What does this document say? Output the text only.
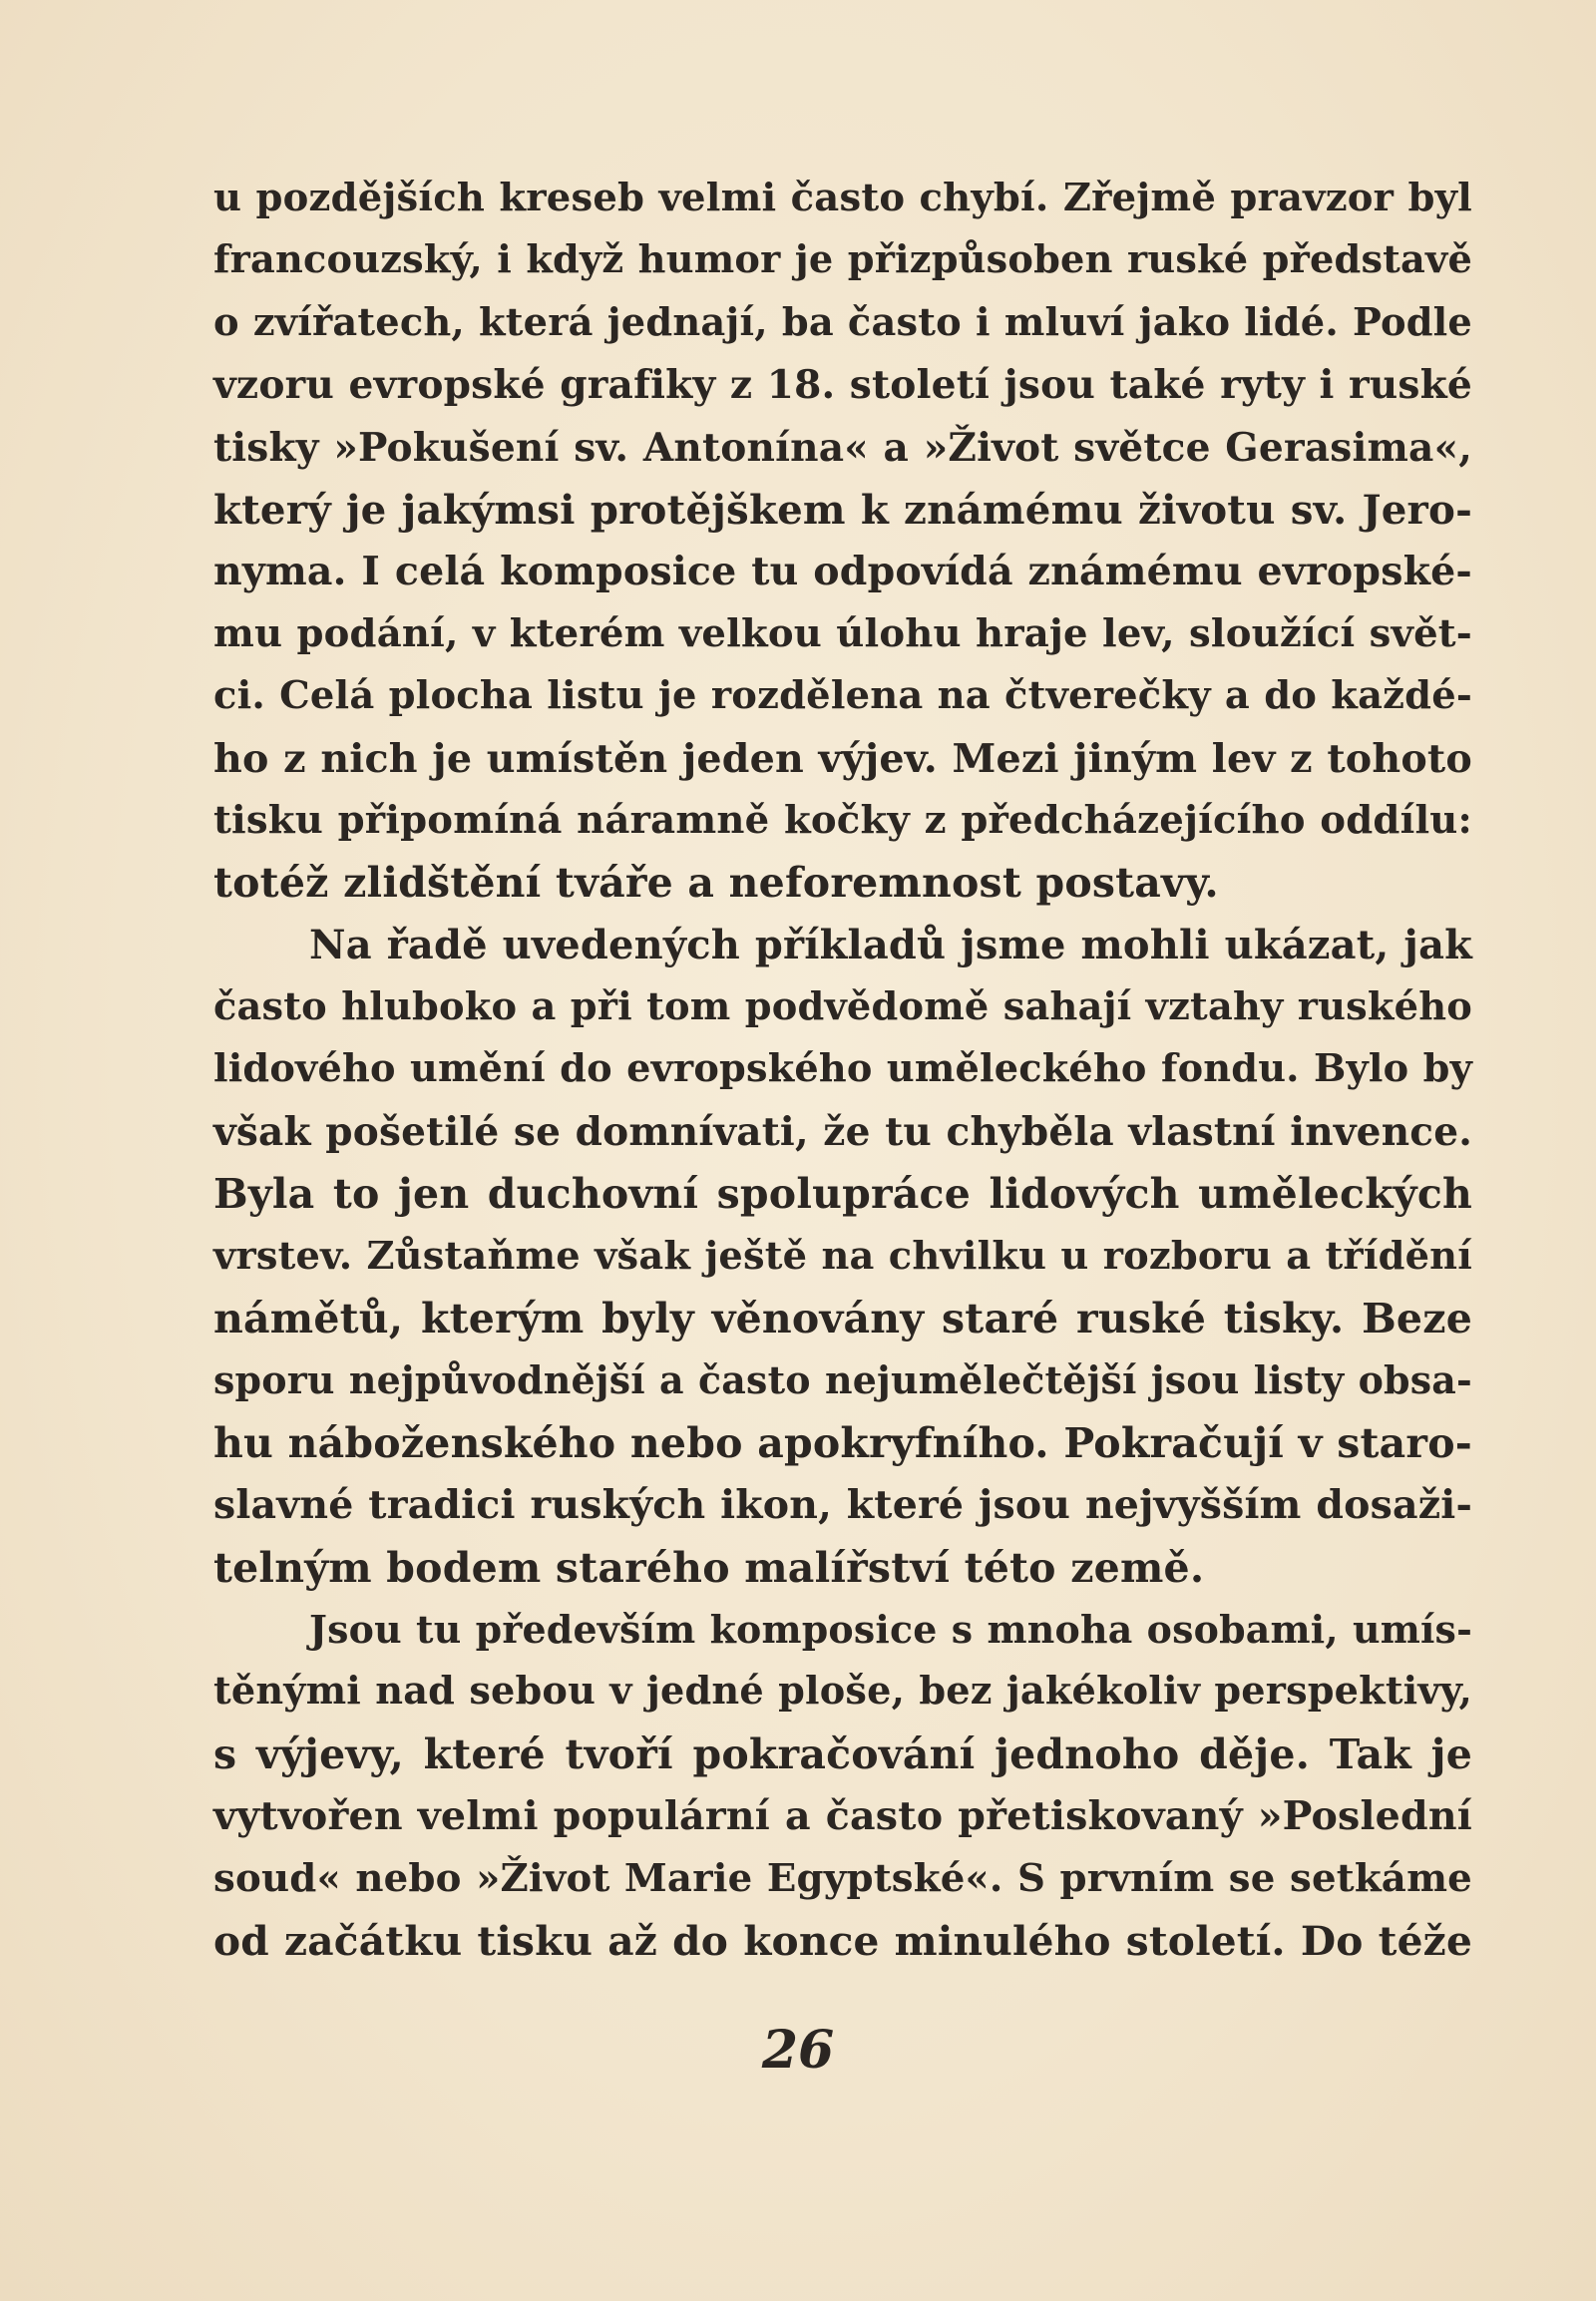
u pozdějších kreseb velmi často chybí. Zřejmě pravzor byl
francouzský, i když humor je přizpůsoben ruské představě
o zvířatech, která jednají, ba často i mluví jako lidé. Podle
vzoru evropské grafiky z 18. století jsou také ryty i ruské
tisky »Pokušení sv. Antonína« a »Život světce Gerasima«,
který je jakýmsi protějškem k známému životu sv. Jero-
nyma. I celá komposice tu odpovídá známému evropské-
mu podání, v kterém velkou úlohu hraje lev, sloužící svět-
ci. Celá plocha listu je rozdělena na čtverečky a do každé-
ho z nich je umístěn jeden výjev. Mezi jiným lev z tohoto
tisku připomíná náramně kočky z předcházejícího oddílu:
totéž zlidštění tváře a neforemnost postavy.
Na řadě uvedených příkladů jsme mohli ukázat, jak
často hluboko a při tom podvědomě sahají vztahy ruského
lidového umění do evropského uměleckého fondu. Bylo by
však pošetilé se domnívati, že tu chyběla vlastní invence.
Byla to jen duchovní spolupráce lidových uměleckých
vrstev. Zůstaňme však ještě na chvilku u rozboru a třídění
námětů, kterým byly věnovány staré ruské tisky. Beze
sporu nejpůvodnější a často nejumělečtější jsou listy obsa-
hu náboženského nebo apokryfního. Pokračují v staro-
slavné tradici ruských ikon, které jsou nejvyšším dosaži-
telným bodem starého malířství této země.
Jsou tu především komposice s mnoha osobami, umís-
těnými nad sebou v jedné ploše, bez jakékoliv perspektivy,
s výjevy, které tvoří pokračování jednoho děje. Tak je
vytvořen velmi populární a často přetiskovaný »Poslední
soud« nebo »Život Marie Egyptské«. S prvním se setkáme
od začátku tisku až do konce minulého století. Do téže
26
